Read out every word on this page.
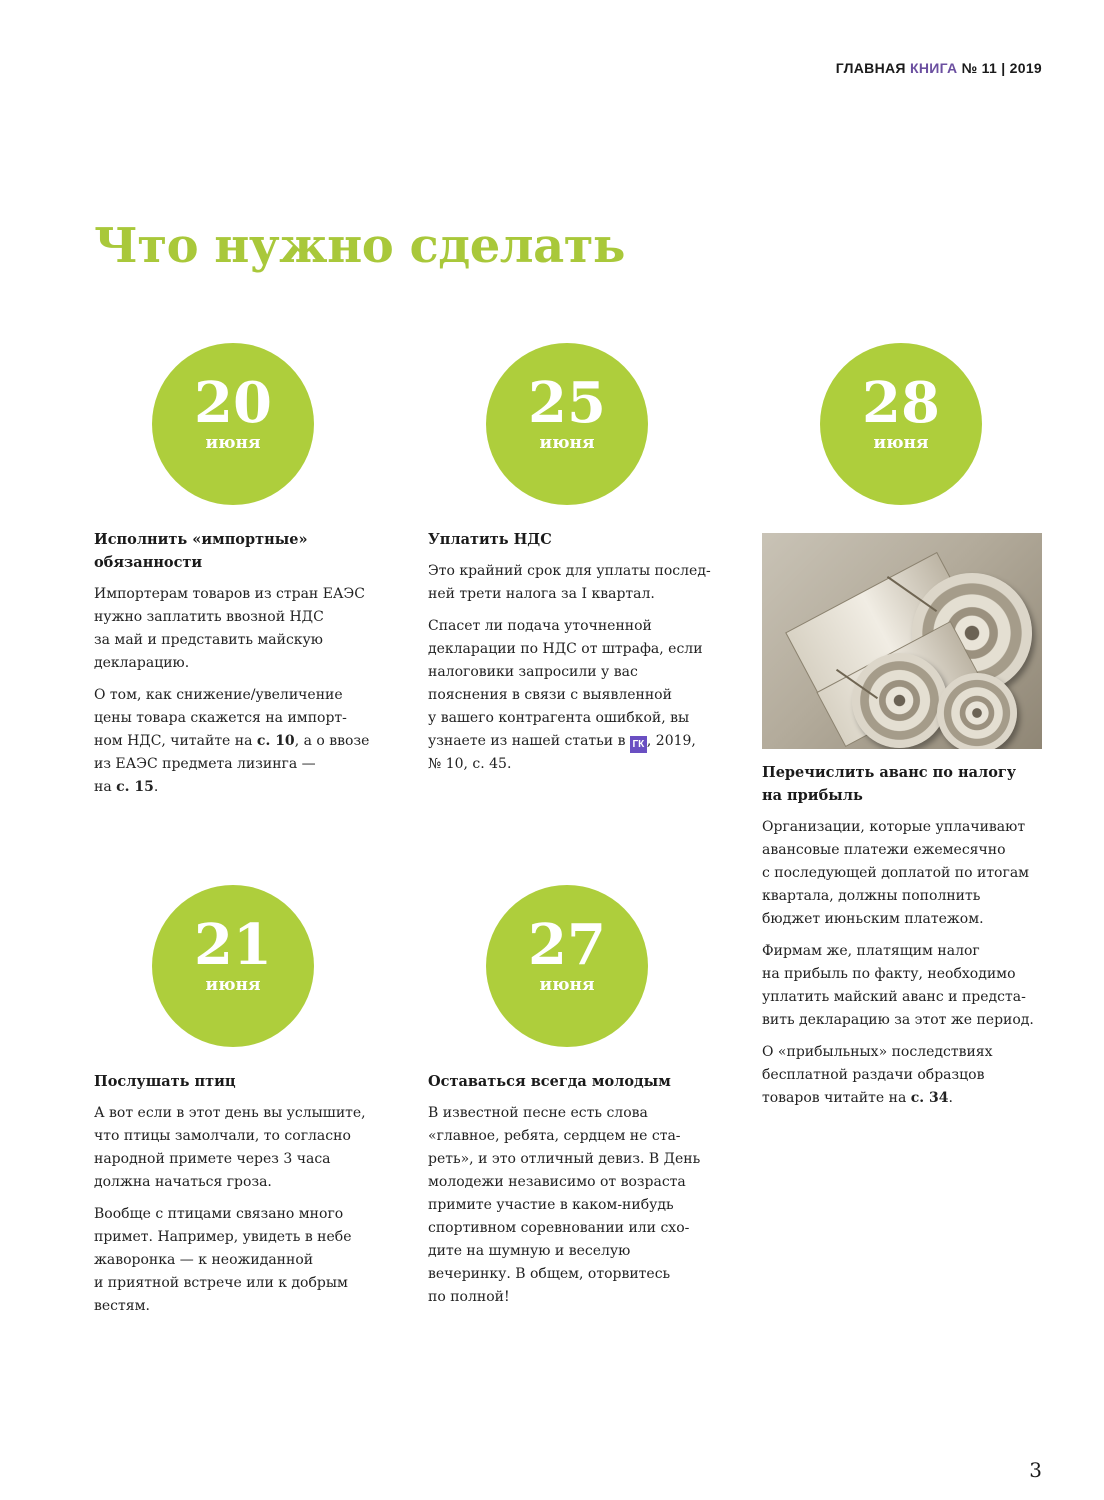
ГЛАВНАЯ КНИГА № 11 | 2019
Что нужно сделать
20
июня
Исполнить «импортные»
обязанности
Импортерам товаров из стран ЕАЭС
нужно заплатить ввозной НДС
за май и представить майскую
декларацию.
О том, как снижение/увеличение
цены товара скажется на импорт-
ном НДС, читайте на с. 10, а о ввозе
из ЕАЭС предмета лизинга —
на с. 15.
25
июня
Уплатить НДС
Это крайний срок для уплаты послед-
ней трети налога за I квартал.
Спасет ли подача уточненной
декларации по НДС от штрафа, если
налоговики запросили у вас
пояснения в связи с выявленной
у вашего контрагента ошибкой, вы
узнаете из нашей статьи в ГК , 2019,
№ 10, с. 45.
28
июня
Перечислить аванс по налогу
на прибыль
Организации, которые уплачивают
авансовые платежи ежемесячно
с последующей доплатой по итогам
квартала, должны пополнить
бюджет июньским платежом.
Фирмам же, платящим налог
на прибыль по факту, необходимо
уплатить майский аванс и предста-
вить декларацию за этот же период.
О «прибыльных» последствиях
бесплатной раздачи образцов
товаров читайте на с. 34.
21
июня
Послушать птиц
А вот если в этот день вы услышите,
что птицы замолчали, то согласно
народной примете через 3 часа
должна начаться гроза.
Вообще с птицами связано много
примет. Например, увидеть в небе
жаворонка — к неожиданной
и приятной встрече или к добрым
вестям.
27
июня
Оставаться всегда молодым
В известной песне есть слова
«главное, ребята, сердцем не ста-
реть», и это отличный девиз. В День
молодежи независимо от возраста
примите участие в каком-нибудь
спортивном соревновании или схо-
дите на шумную и веселую
вечеринку. В общем, оторвитесь
по полной!
3
